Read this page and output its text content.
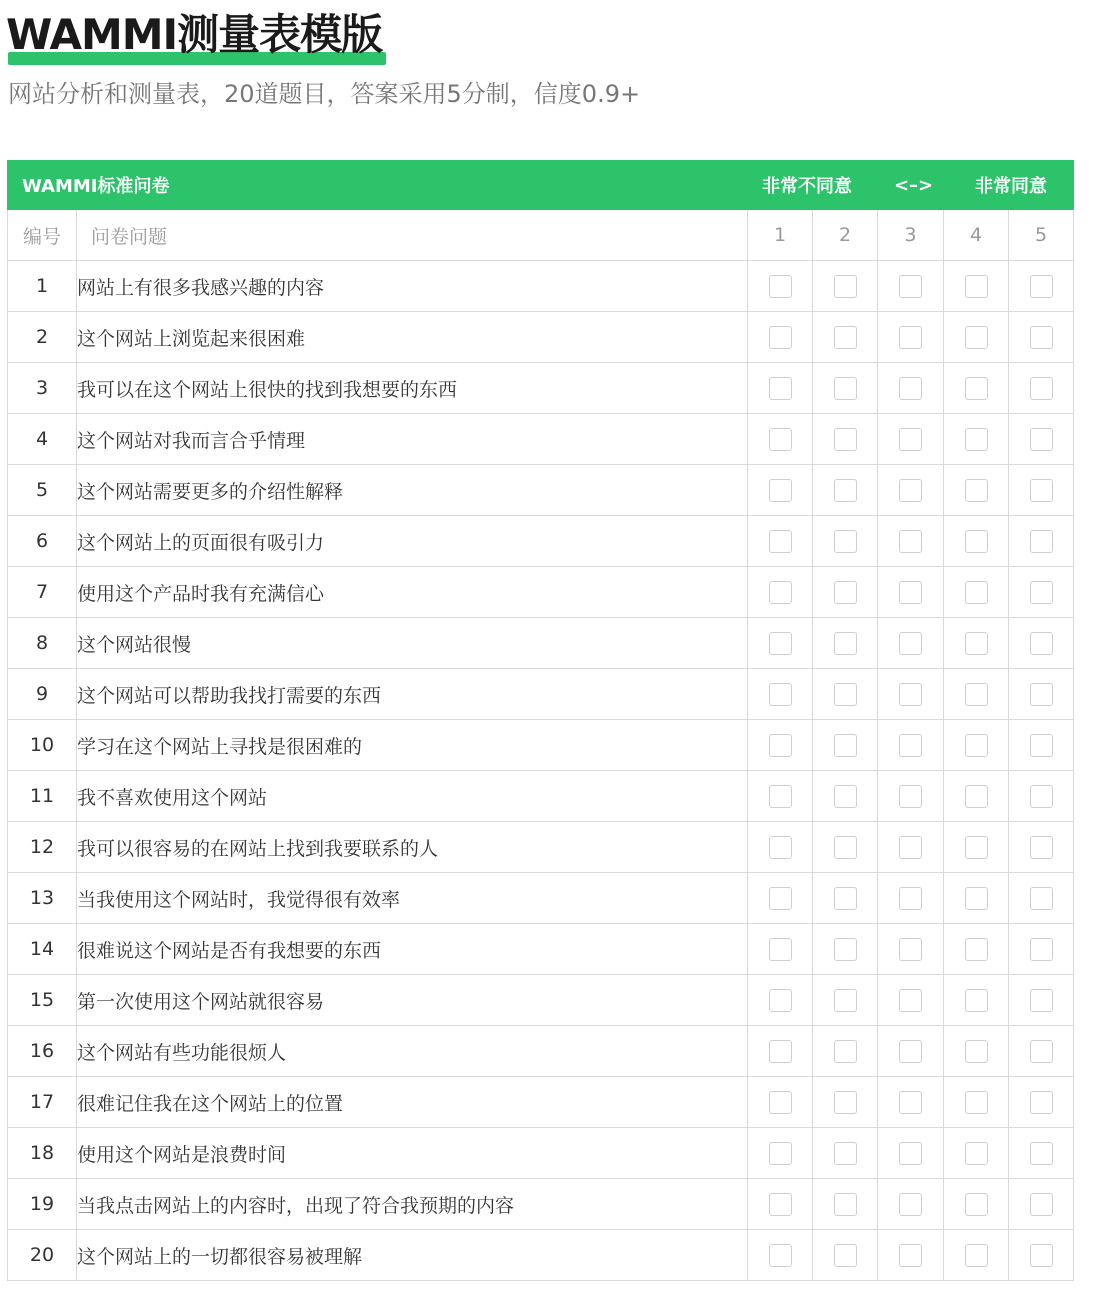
WAMMI测量表模版
网站分析和测量表，20道题目，答案采用5分制，信度0.9+
WAMMI标准问卷		非常不同意 <–> 非常同意				

编号	问卷问题	1	2	3	4	5
1	网站上有很多我感兴趣的内容					
2	这个网站上浏览起来很困难					
3	我可以在这个网站上很快的找到我想要的东西					
4	这个网站对我而言合乎情理					
5	这个网站需要更多的介绍性解释					
6	这个网站上的页面很有吸引力					
7	使用这个产品时我有充满信心					
8	这个网站很慢					
9	这个网站可以帮助我找打需要的东西					
10	学习在这个网站上寻找是很困难的					
11	我不喜欢使用这个网站					
12	我可以很容易的在网站上找到我要联系的人					
13	当我使用这个网站时，我觉得很有效率					
14	很难说这个网站是否有我想要的东西					
15	第一次使用这个网站就很容易					
16	这个网站有些功能很烦人					
17	很难记住我在这个网站上的位置					
18	使用这个网站是浪费时间					
19	当我点击网站上的内容时，出现了符合我预期的内容					
20	这个网站上的一切都很容易被理解					
